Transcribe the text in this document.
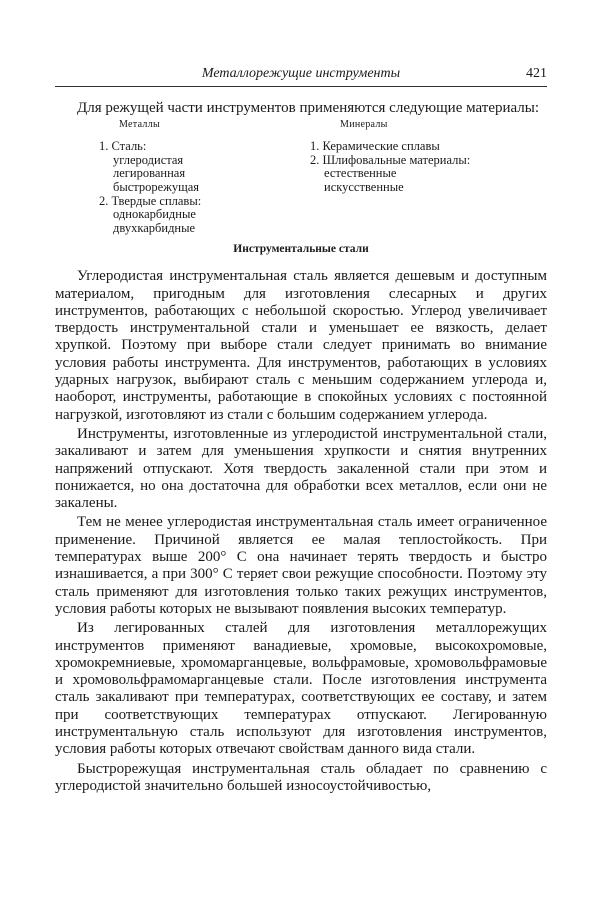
Металлорежущие инструменты	421

Для режущей части инструментов применяются следующие материалы:

Металлы
1. Сталь:
углеродистая
легированная
быстрорежущая
2. Твердые сплавы:
однокарбидные
двухкарбидные
Минералы
1. Керамические сплавы
2. Шлифовальные материалы:
естественные
искусственные
Инструментальные стали

Углеродистая инструментальная сталь является дешевым и доступным материалом, пригодным для изготовления слесарных и других инструментов, работающих с небольшой скоростью. Углерод увеличивает твердость инструментальной стали и уменьшает ее вязкость, делает хрупкой. Поэтому при выборе стали следует принимать во внимание условия работы инструмента. Для инструментов, работающих в условиях ударных нагрузок, выбирают сталь с меньшим содержанием углерода и, наоборот, инструменты, работающие в спокойных условиях с постоянной нагрузкой, изготовляют из стали с большим содержанием углерода.

Инструменты, изготовленные из углеродистой инструментальной стали, закаливают и затем для уменьшения хрупкости и снятия внутренних напряжений отпускают. Хотя твердость закаленной стали при этом и понижается, но она достаточна для обработки всех металлов, если они не закалены.

Тем не менее углеродистая инструментальная сталь имеет ограниченное применение. Причиной является ее малая теплостойкость. При температурах выше 200° С она начинает терять твердость и быстро изнашивается, а при 300° С теряет свои режущие способности. Поэтому эту сталь применяют для изготовления только таких режущих инструментов, условия работы которых не вызывают появления высоких температур.

Из легированных сталей для изготовления металлорежущих инструментов применяют ванадиевые, хромовые, высокохромовые, хромокремниевые, хромомарганцевые, вольфрамовые, хромовольфрамовые и хромовольфрамомарганцевые стали. После изготовления инструмента сталь закаливают при температурах, соответствующих ее составу, и затем при соответствующих температурах отпускают. Легированную инструментальную сталь используют для изготовления инструментов, условия работы которых отвечают свойствам данного вида стали.

Быстрорежущая инструментальная сталь обладает по сравнению с углеродистой значительно большей износоустойчивостью,
